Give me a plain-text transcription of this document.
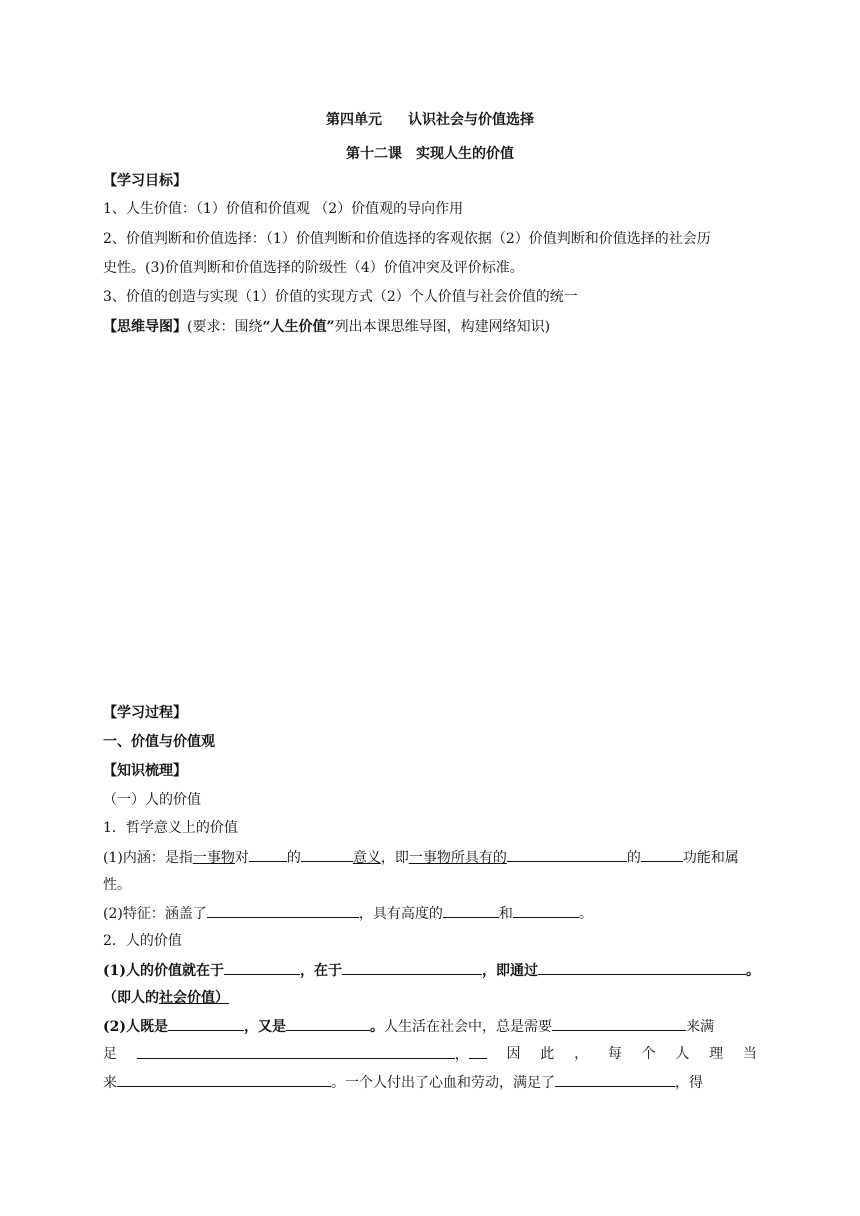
第四单元 认识社会与价值选择
第十二课　实现人生的价值
【学习目标】
1、人生价值：（1）价值和价值观 （2）价值观的导向作用
2、价值判断和价值选择：（1）价值判断和价值选择的客观依据（2）价值判断和价值选择的社会历
史性。(3)价值判断和价值选择的阶级性（4）价值冲突及评价标准。
3、价值的创造与实现（1）价值的实现方式（2）个人价值与社会价值的统一
【思维导图】(要求：围绕“人生价值”列出本课思维导图，构建网络知识)
【学习过程】
一、价值与价值观
【知识梳理】
（一）人的价值
1．哲学意义上的价值
(1)内涵：是指一事物对	的	意义，即一事物所具有的	的	功能和属
性。
(2)特征：涵盖了	，具有高度的	和	。
2．人的价值
(1)人的价值就在于	，在于	，即通过	。
（即人的社会价值）
(2)人既是	，又是	。人生活在社会中，总是需要	来满
足	，	因 此 ， 每 个 人 理 当
来	。一个人付出了心血和劳动，满足了	，得
